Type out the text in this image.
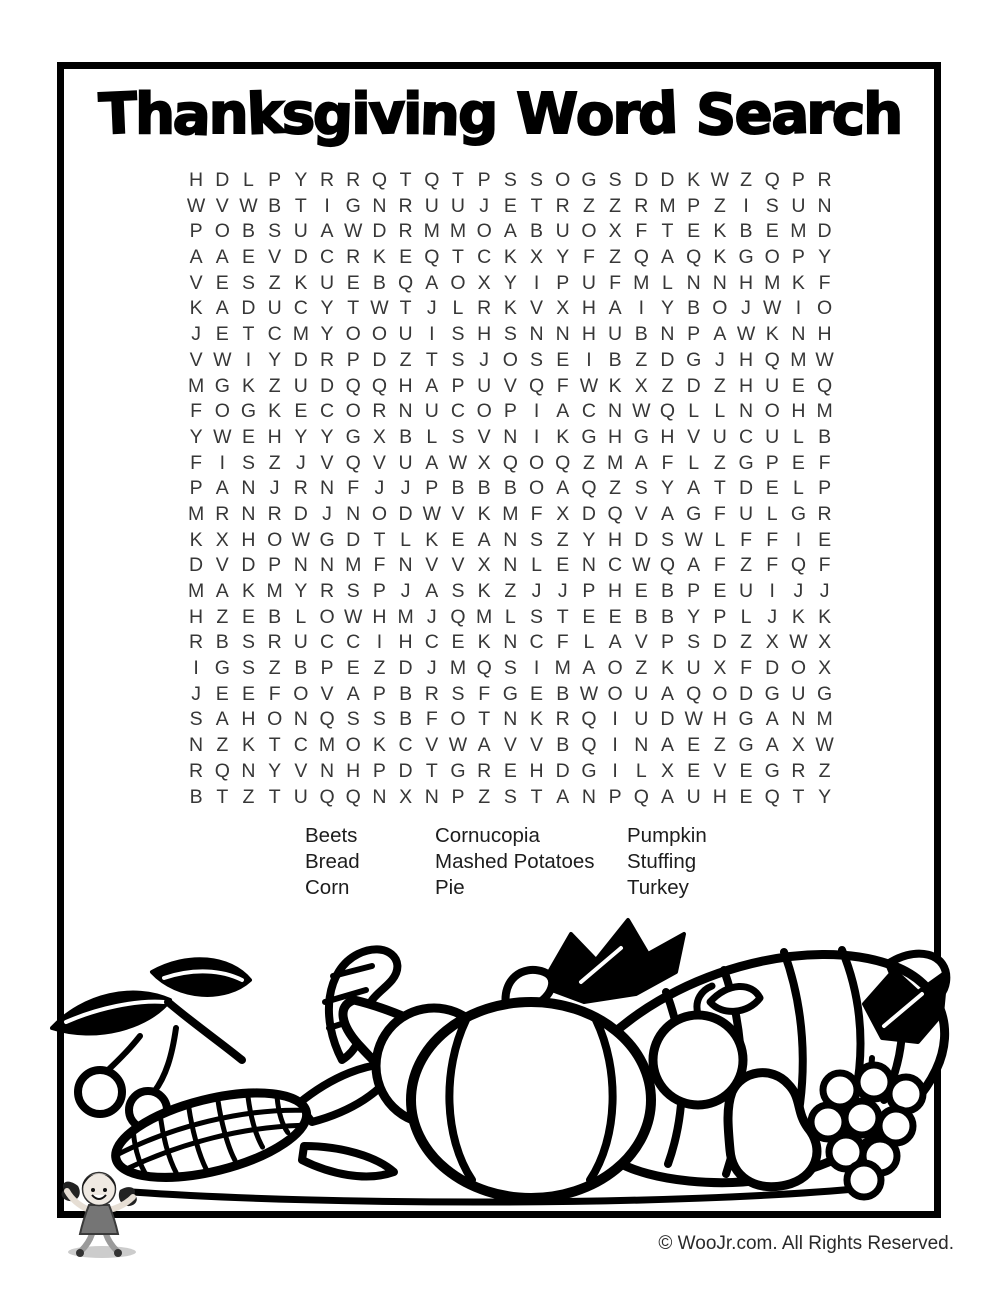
Thanksgiving Word Search
H D L P Y R R Q T Q T P S S O G S D D K W Z Q P R
W V W B T I G N R U U J E T R Z Z R M P Z I S U N
P O B S U A W D R M M O A B U O X F T E K B E M D
A A E V D C R K E Q T C K X Y F Z Q A Q K G O P Y
V E S Z K U E B Q A O X Y I P U F M L N N H M K F
K A D U C Y T W T J L R K V X H A I Y B O J W I O
J E T C M Y O O U I S H S N N H U B N P A W K N H
V W I Y D R P D Z T S J O S E I B Z D G J H Q M W
M G K Z U D Q Q H A P U V Q F W K X Z D Z H U E Q
F O G K E C O R N U C O P I A C N W Q L L N O H M
Y W E H Y Y G X B L S V N I K G H G H V U C U L B
F I S Z J V Q V U A W X Q O Q Z M A F L Z G P E F
P A N J R N F J J P B B B O A Q Z S Y A T D E L P
M R N R D J N O D W V K M F X D Q V A G F U L G R
K X H O W G D T L K E A N S Z Y H D S W L F F I E
D V D P N N M F N V V X N L E N C W Q A F Z F Q F
M A K M Y R S P J A S K Z J J P H E B P E U I J J
H Z E B L O W H M J Q M L S T E E B B Y P L J K K
R B S R U C C I H C E K N C F L A V P S D Z X W X
I G S Z B P E Z D J M Q S I M A O Z K U X F D O X
J E E F O V A P B R S F G E B W O U A Q O D G U G
S A H O N Q S S B F O T N K R Q I U D W H G A N M
N Z K T C M O K C V W A V V B Q I N A E Z G A X W
R Q N Y V N H P D T G R E H D G I L X E V E G R Z
B T Z T U Q Q N X N P Z S T A N P Q A U H E Q T Y
Beets
Bread
Corn
Cornucopia
Mashed Potatoes
Pie
Pumpkin
Stuffing
Turkey
© WooJr.com. All Rights Reserved.
